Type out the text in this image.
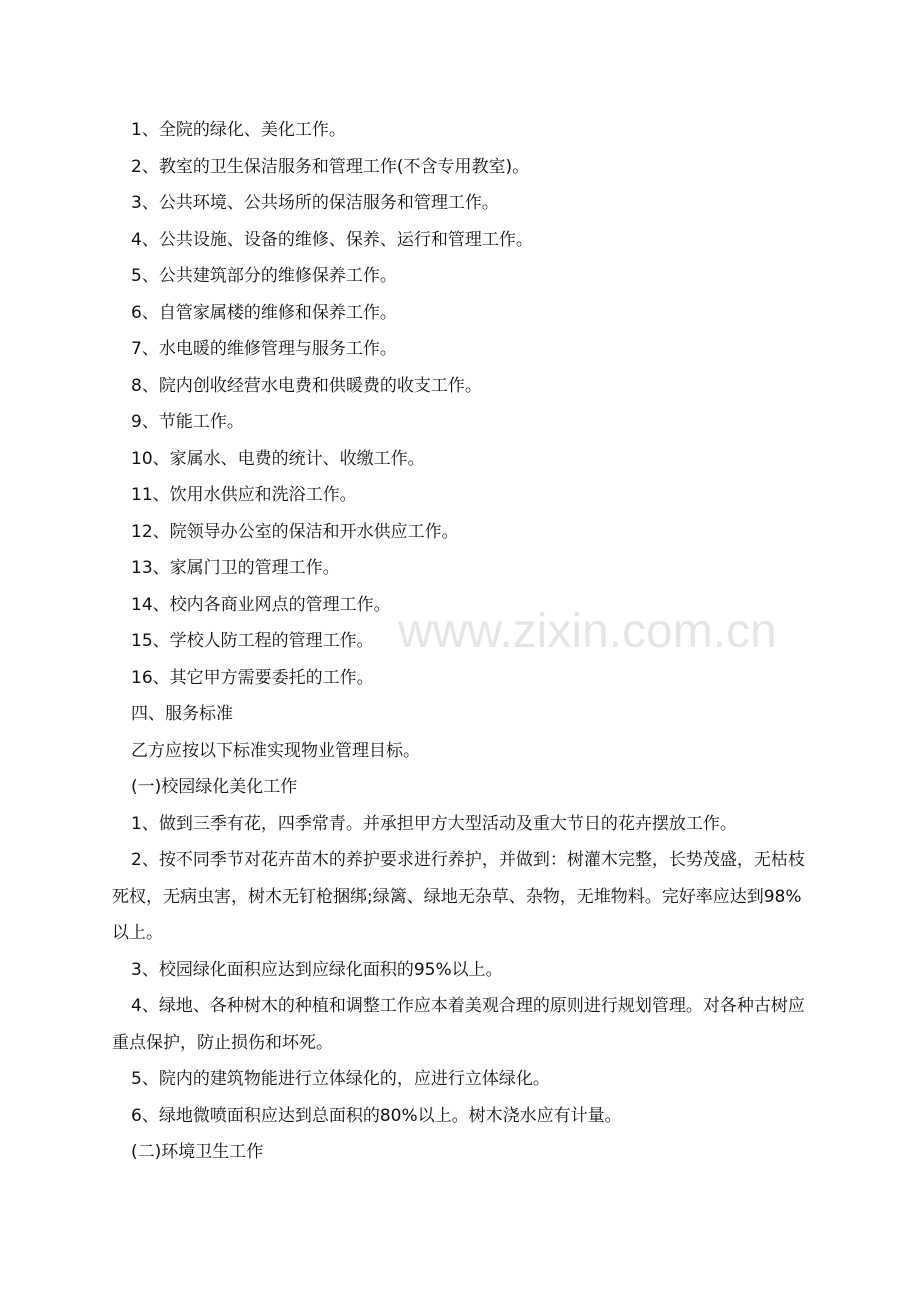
1、全院的绿化、美化工作。

2、教室的卫生保洁服务和管理工作(不含专用教室)。

3、公共环境、公共场所的保洁服务和管理工作。

4、公共设施、设备的维修、保养、运行和管理工作。

5、公共建筑部分的维修保养工作。

6、自管家属楼的维修和保养工作。

7、水电暖的维修管理与服务工作。

8、院内创收经营水电费和供暖费的收支工作。

9、节能工作。

10、家属水、电费的统计、收缴工作。

11、饮用水供应和洗浴工作。

12、院领导办公室的保洁和开水供应工作。

13、家属门卫的管理工作。

14、校内各商业网点的管理工作。

15、学校人防工程的管理工作。

16、其它甲方需要委托的工作。

四、服务标准

乙方应按以下标准实现物业管理目标。

(一)校园绿化美化工作

1、做到三季有花，四季常青。并承担甲方大型活动及重大节日的花卉摆放工作。

2、按不同季节对花卉苗木的养护要求进行养护，并做到：树灌木完整，长势茂盛，无枯枝死杈，无病虫害，树木无钉枪捆绑;绿篱、绿地无杂草、杂物，无堆物料。完好率应达到98%以上。

3、校园绿化面积应达到应绿化面积的95%以上。

4、绿地、各种树木的种植和调整工作应本着美观合理的原则进行规划管理。对各种古树应重点保护，防止损伤和坏死。

5、院内的建筑物能进行立体绿化的，应进行立体绿化。

6、绿地微喷面积应达到总面积的80%以上。树木浇水应有计量。

(二)环境卫生工作

www.zixin.com.cn
